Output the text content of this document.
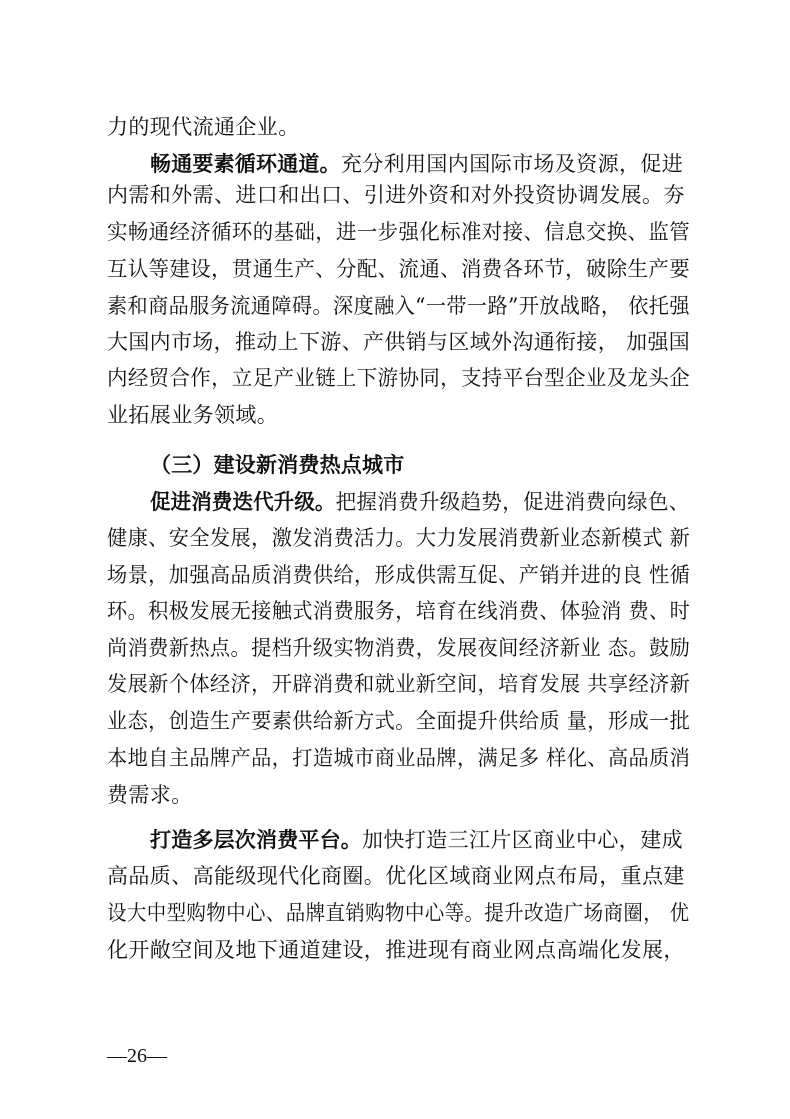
力的现代流通企业。
畅通要素循环通道。充分利用国内国际市场及资源，促进
内需和外需、进口和出口、引进外资和对外投资协调发展。夯
实畅通经济循环的基础，进一步强化标准对接、信息交换、监管
互认等建设，贯通生产、分配、流通、消费各环节，破除生产要
素和商品服务流通障碍。深度融入“一带一路”开放战略， 依托强
大国内市场，推动上下游、产供销与区域外沟通衔接， 加强国
内经贸合作，立足产业链上下游协同，支持平台型企业及龙头企
业拓展业务领域。
（三）建设新消费热点城市
促进消费迭代升级。把握消费升级趋势，促进消费向绿色、
健康、安全发展，激发消费活力。大力发展消费新业态新模式 新
场景，加强高品质消费供给，形成供需互促、产销并进的良 性循
环。积极发展无接触式消费服务，培育在线消费、体验消 费、时
尚消费新热点。提档升级实物消费，发展夜间经济新业 态。鼓励
发展新个体经济，开辟消费和就业新空间，培育发展 共享经济新
业态，创造生产要素供给新方式。全面提升供给质 量，形成一批
本地自主品牌产品，打造城市商业品牌，满足多 样化、高品质消
费需求。
打造多层次消费平台。加快打造三江片区商业中心，建成
高品质、高能级现代化商圈。优化区域商业网点布局，重点建
设大中型购物中心、品牌直销购物中心等。提升改造广场商圈， 优
化开敞空间及地下通道建设，推进现有商业网点高端化发展，
—26—
